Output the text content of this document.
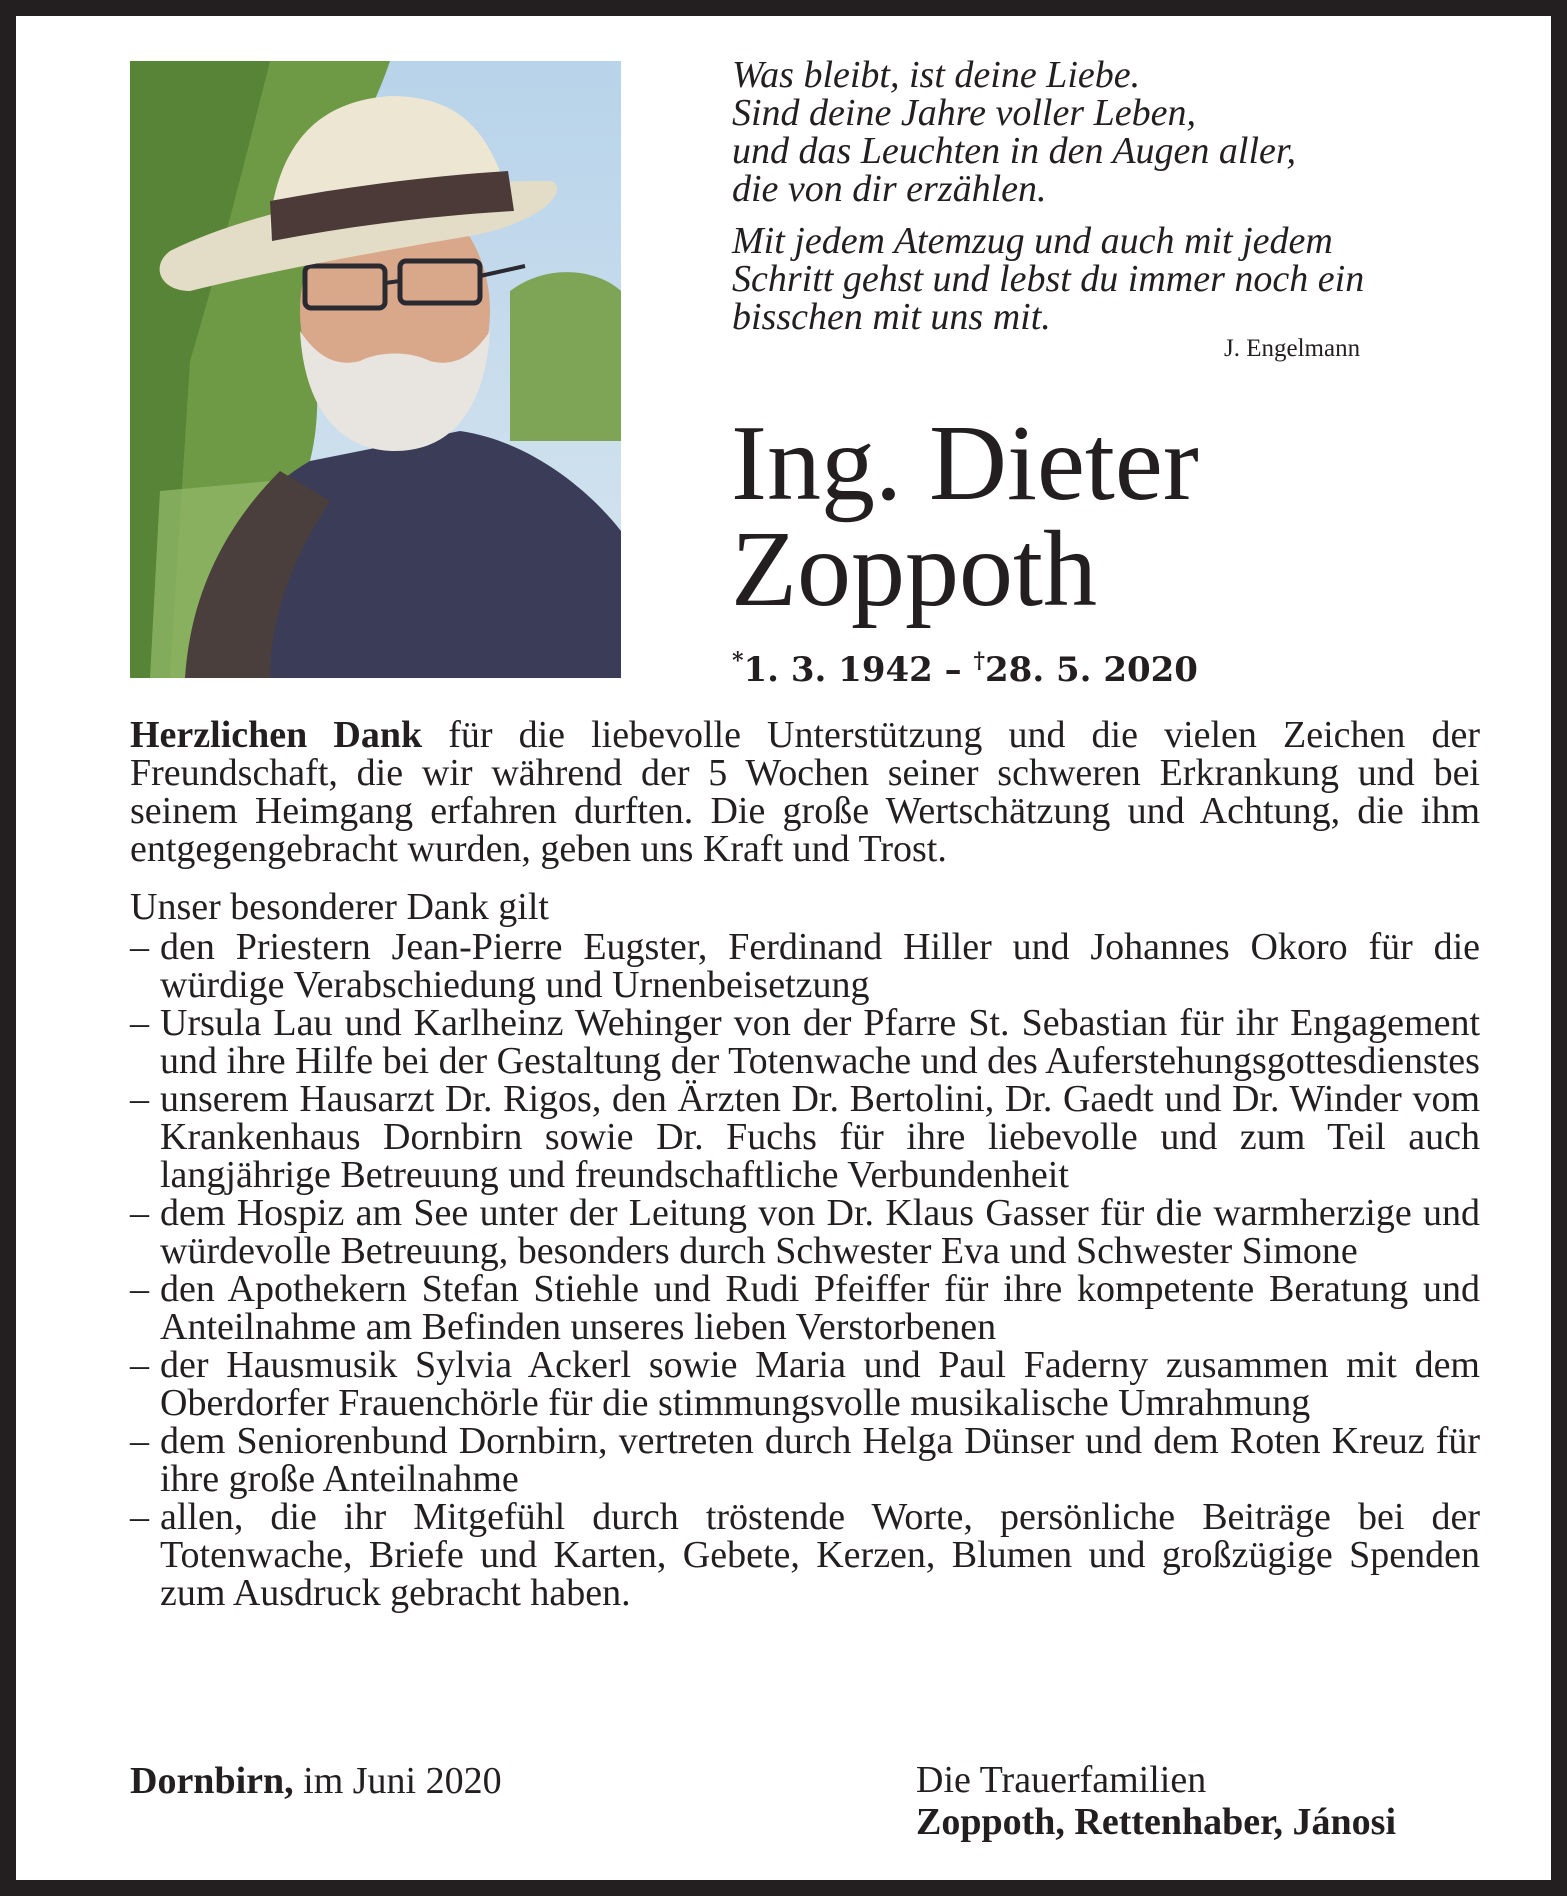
Was bleibt, ist deine Liebe.
Sind deine Jahre voller Leben,
und das Leuchten in den Augen aller,
die von dir erzählen.
Mit jedem Atemzug und auch mit jedem
Schritt gehst und lebst du immer noch ein
bisschen mit uns mit.
J. Engelmann
Ing. Dieter
Zoppoth
*1. 3. 1942 – †28. 5. 2020

Herzlichen Dank für die liebevolle Unterstützung und die vielen Zeichen der Freundschaft, die wir während der 5 Wochen seiner schweren Erkrankung und bei seinem Heimgang erfahren durften. Die große Wertschätzung und Achtung, die ihm entgegengebracht wurden, geben uns Kraft und Trost.

Unser besonderer Dank gilt

– den Priestern Jean-Pierre Eugster, Ferdinand Hiller und Johannes Okoro für die würdige Verabschiedung und Urnenbeisetzung
– Ursula Lau und Karlheinz Wehinger von der Pfarre St. Sebastian für ihr Engagement und ihre Hilfe bei der Gestaltung der Totenwache und des Auferstehungsgottesdienstes
– unserem Hausarzt Dr. Rigos, den Ärzten Dr. Bertolini, Dr. Gaedt und Dr. Winder vom Krankenhaus Dornbirn sowie Dr. Fuchs für ihre liebevolle und zum Teil auch langjährige Betreuung und freundschaftliche Verbundenheit
– dem Hospiz am See unter der Leitung von Dr. Klaus Gasser für die warmherzige und würdevolle Betreuung, besonders durch Schwester Eva und Schwester Simone
– den Apothekern Stefan Stiehle und Rudi Pfeiffer für ihre kompetente Beratung und Anteilnahme am Befinden unseres lieben Verstorbenen
– der Hausmusik Sylvia Ackerl sowie Maria und Paul Faderny zusammen mit dem Oberdorfer Frauenchörle für die stimmungsvolle musikalische Umrahmung
– dem Seniorenbund Dornbirn, vertreten durch Helga Dünser und dem Roten Kreuz für ihre große Anteilnahme
– allen, die ihr Mitgefühl durch tröstende Worte, persönliche Beiträge bei der Totenwache, Briefe und Karten, Gebete, Kerzen, Blumen und großzügige Spenden zum Ausdruck gebracht haben.
Dornbirn, im Juni 2020	Die Trauerfamilien
Zoppoth, Rettenhaber, Jánosi
